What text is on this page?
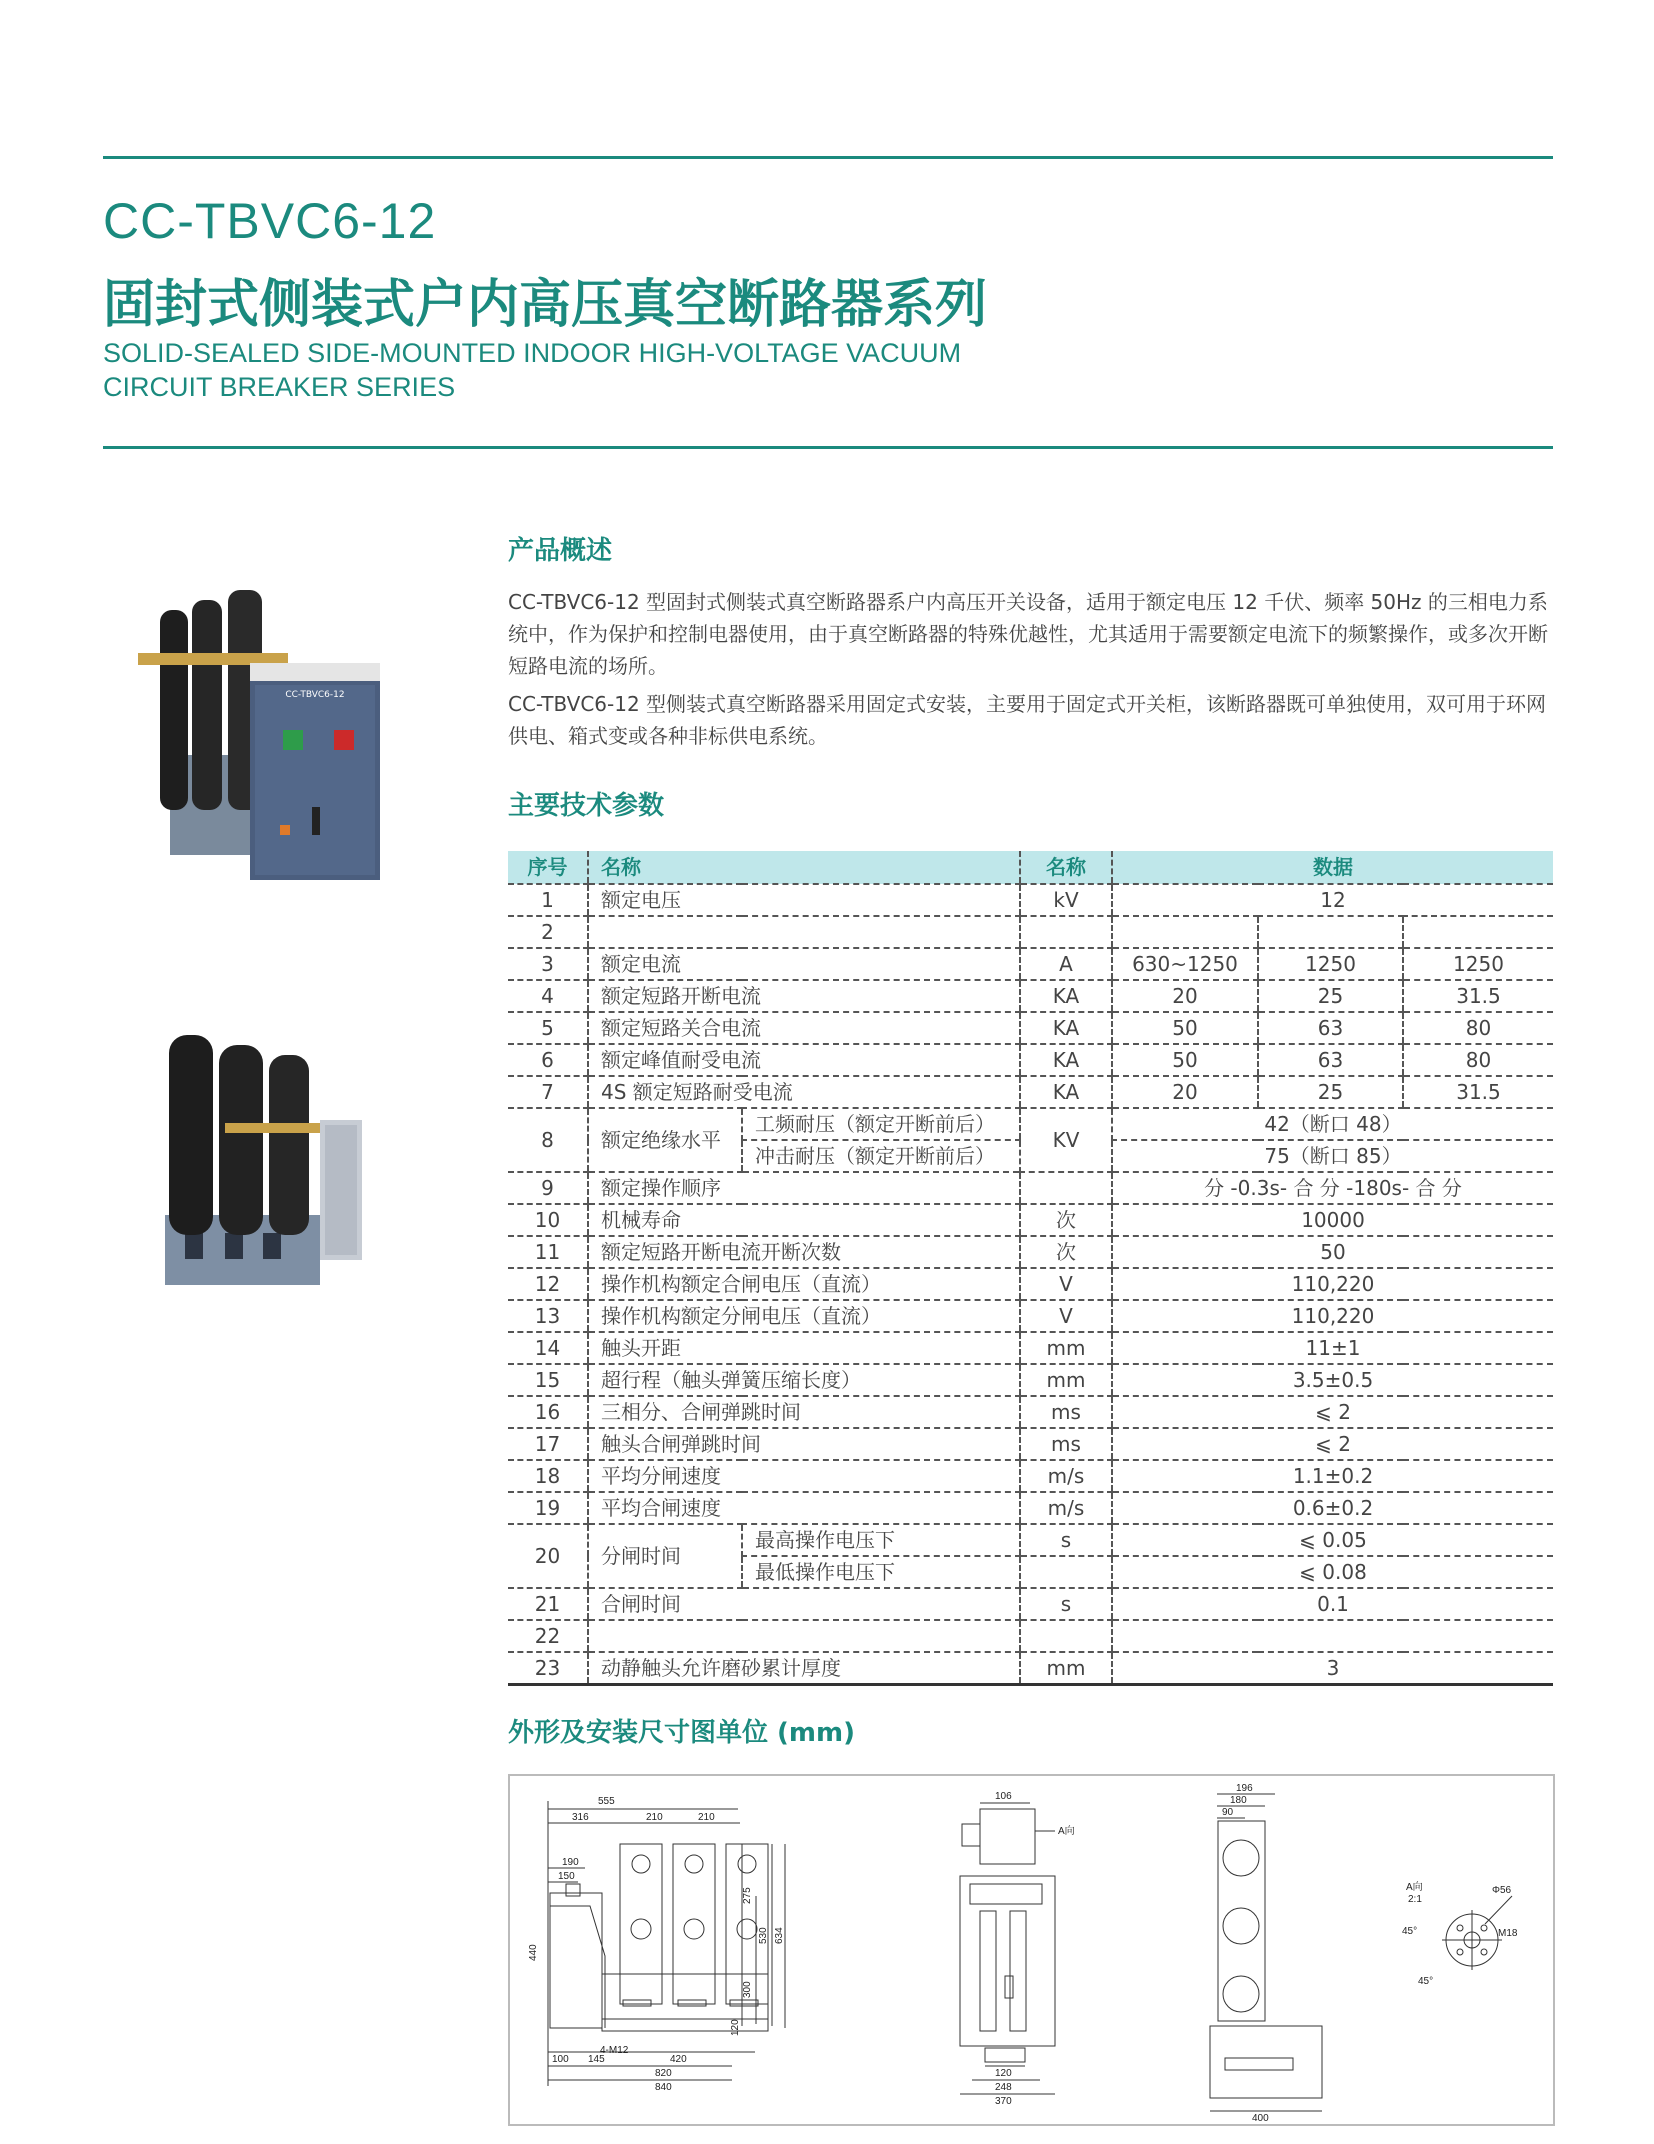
CC-TBVC6-12
固封式侧装式户内高压真空断路器系列
SOLID-SEALED SIDE-MOUNTED INDOOR HIGH-VOLTAGE VACUUM
CIRCUIT BREAKER SERIES
CC-TBVC6-12
产品概述
CC-TBVC6-12 型固封式侧装式真空断路器系户内高压开关设备，适用于额定电压 12 千伏、频率 50Hz 的三相电力系统中，作为保护和控制电器使用，由于真空断路器的特殊优越性，尤其适用于需要额定电流下的频繁操作，或多次开断短路电流的场所。
CC-TBVC6-12 型侧装式真空断路器采用固定式安装，主要用于固定式开关柜，该断路器既可单独使用，双可用于环网供电、箱式变或各种非标供电系统。
主要技术参数
序号	名称		名称	数据		
1	额定电压		kV	12		
2						
3	额定电流		A	630~1250	1250	1250
4	额定短路开断电流		KA	20	25	31.5
5	额定短路关合电流		KA	50	63	80
6	额定峰值耐受电流		KA	50	63	80
7	4S 额定短路耐受电流		KA	20	25	31.5
8	额定绝缘水平	工频耐压（额定开断前后）	KV	42（断口 48）		
		冲击耐压（额定开断前后）		75（断口 85）		
9	额定操作顺序			分 -0.3s- 合 分 -180s- 合 分		
10	机械寿命		次	10000		
11	额定短路开断电流开断次数		次	50		
12	操作机构额定合闸电压（直流）		V	110,220		
13	操作机构额定分闸电压（直流）		V	110,220		
14	触头开距		mm	11±1		
15	超行程（触头弹簧压缩长度）		mm	3.5±0.5		
16	三相分、合闸弹跳时间		ms	⩽ 2		
17	触头合闸弹跳时间		ms	⩽ 2		
18	平均分闸速度		m/s	1.1±0.2		
19	平均合闸速度		m/s	0.6±0.2		
20	分闸时间	最高操作电压下	s	⩽ 0.05		
		最低操作电压下		⩽ 0.08		
21	合闸时间		s	0.1		
22						
23	动静触头允许磨砂累计厚度		mm	3		
外形及安装尺寸图单位 (mm)
555
316	210	210
190
150
440
275
530 634
300
120
100 145	420
4-M12
820
840
106
A向
120
248
370
196
180
90
400
A向
2:1
Φ56
M18
45°
45°
